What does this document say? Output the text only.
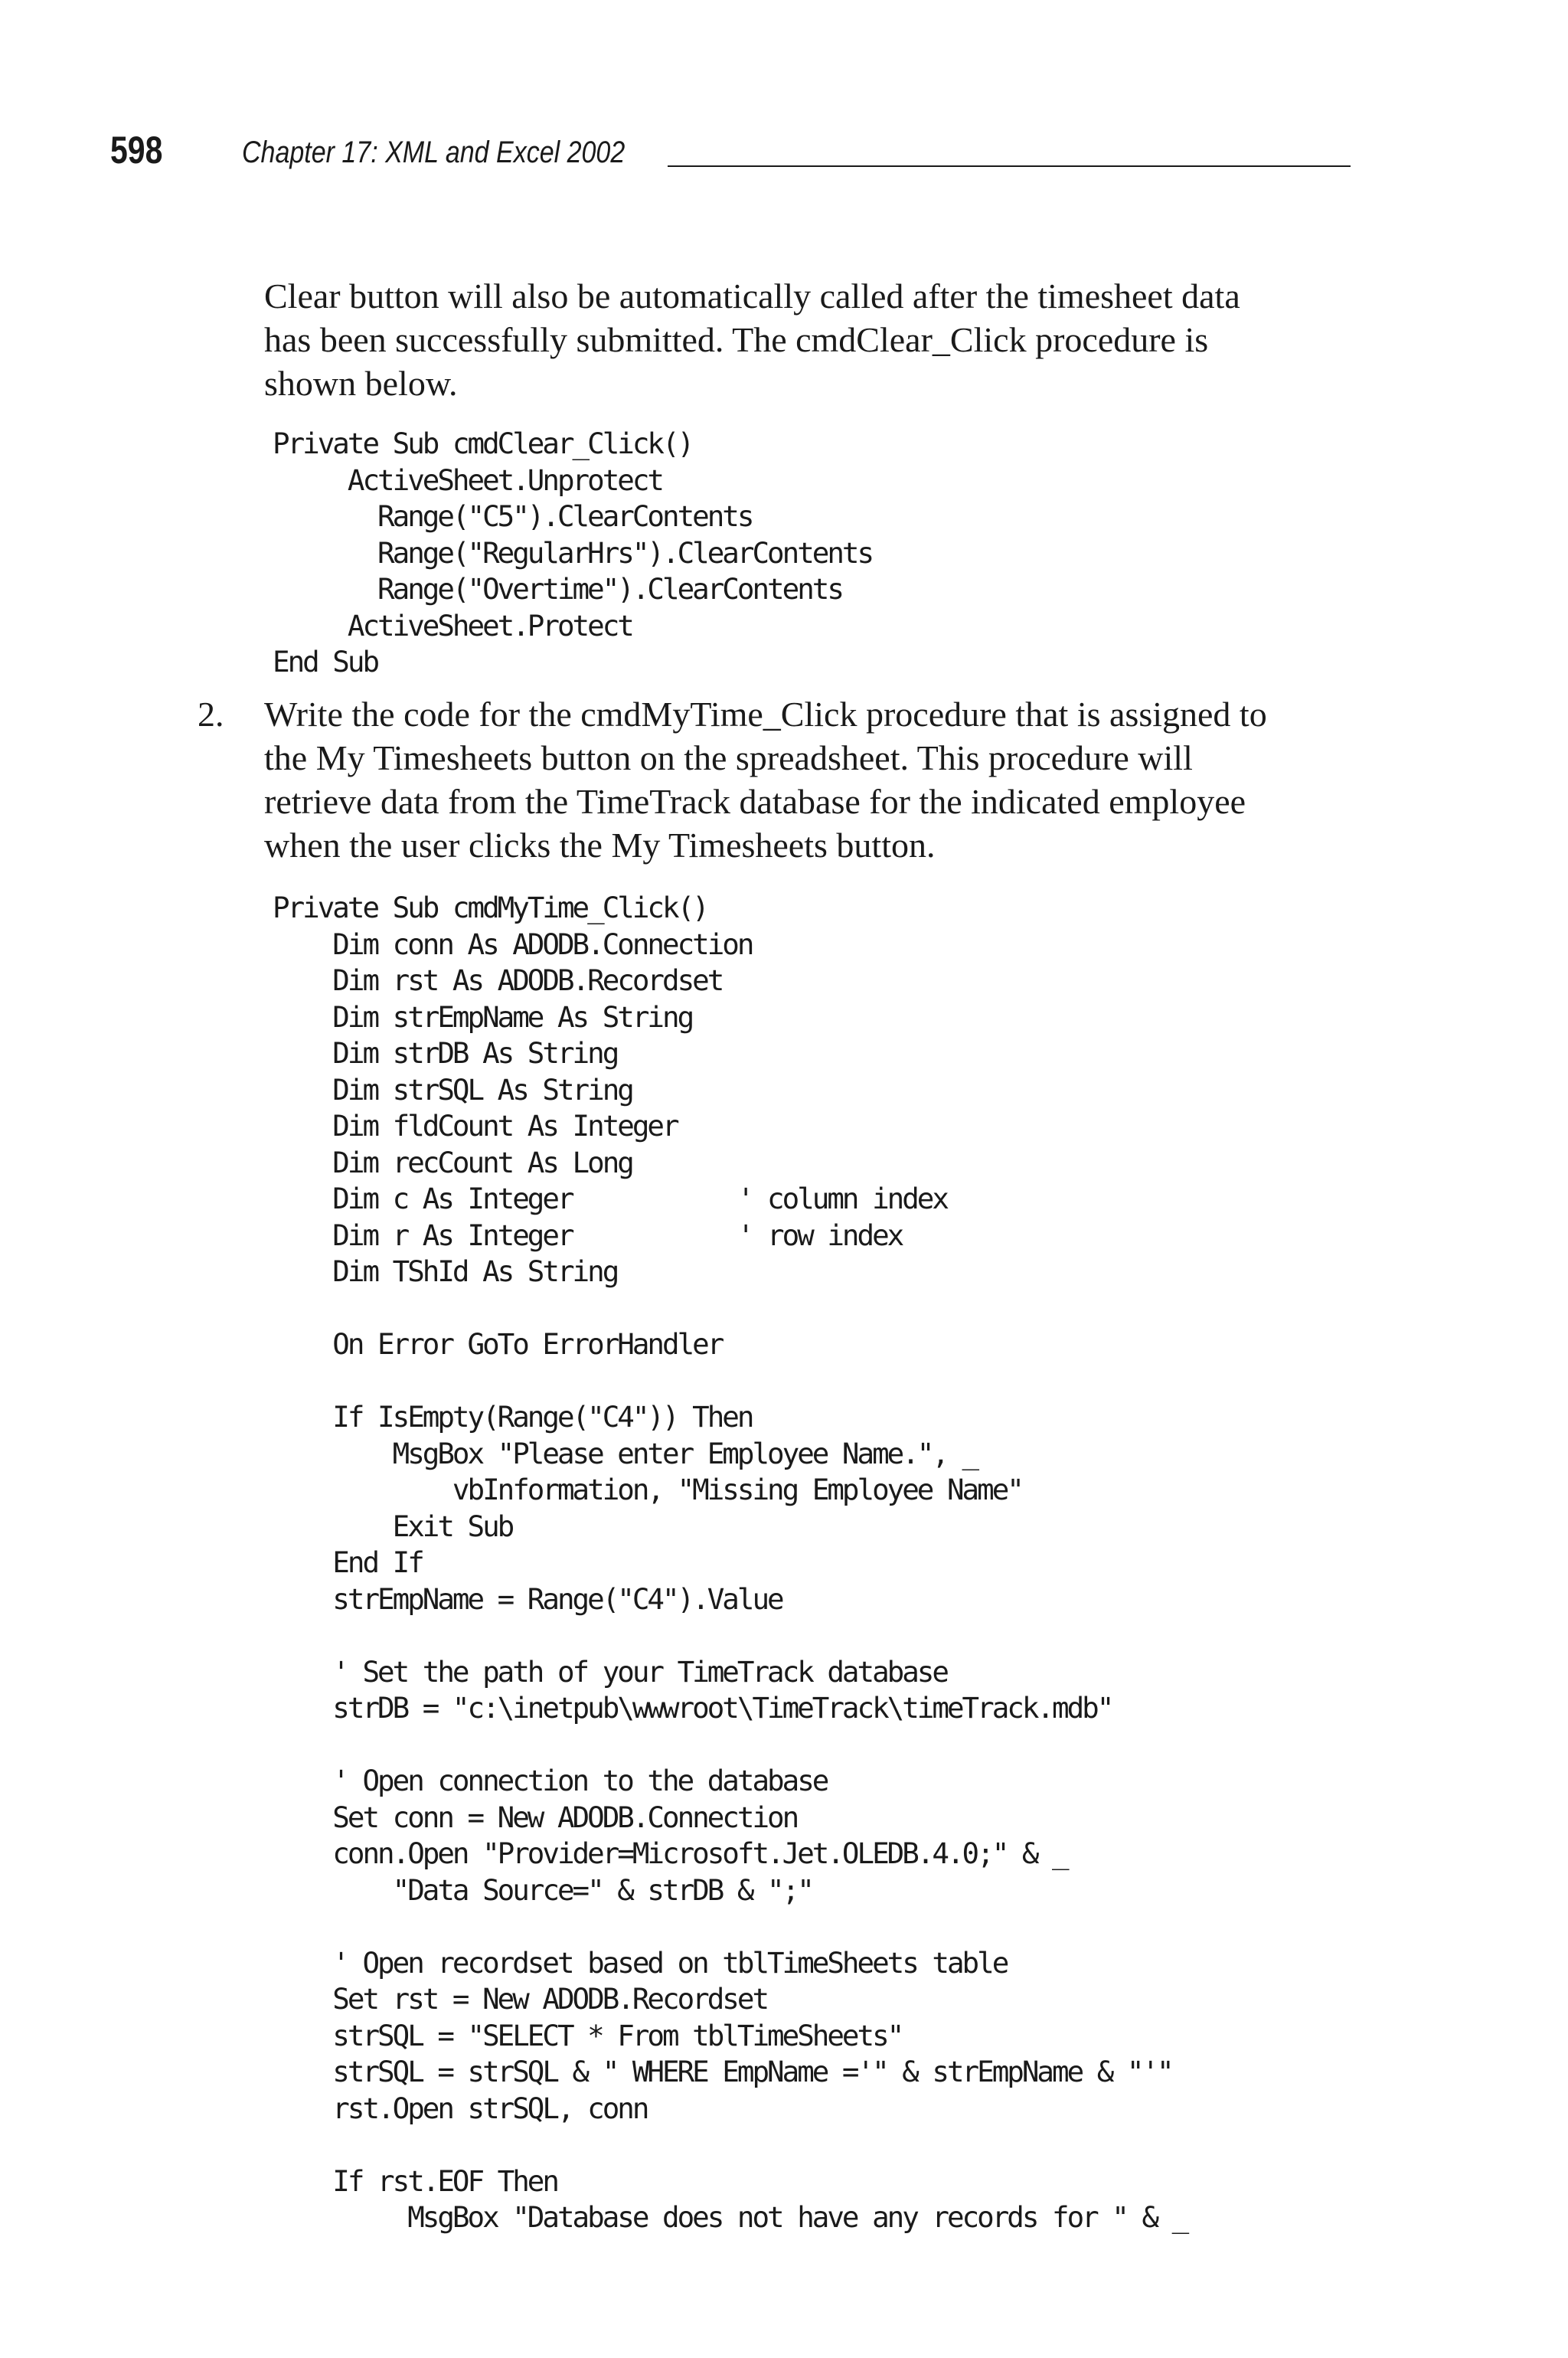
598	Chapter 17: XML and Excel 2002
Clear button will also be automatically called after the timesheet data
has been successfully submitted. The cmdClear_Click procedure is
shown below.
Private Sub cmdClear_Click()
ActiveSheet.Unprotect
Range("C5").ClearContents
Range("RegularHrs").ClearContents
Range("Overtime").ClearContents
ActiveSheet.Protect
End Sub
2. Write the code for the cmdMyTime_Click procedure that is assigned to
the My Timesheets button on the spreadsheet. This procedure will
retrieve data from the TimeTrack database for the indicated employee
when the user clicks the My Timesheets button.
Private Sub cmdMyTime_Click()
Dim conn As ADODB.Connection
Dim rst As ADODB.Recordset
Dim strEmpName As String
Dim strDB As String
Dim strSQL As String
Dim fldCount As Integer
Dim recCount As Long
Dim c As Integer           ' column index
Dim r As Integer           ' row index
Dim TShId As String

On Error GoTo ErrorHandler

If IsEmpty(Range("C4")) Then
MsgBox "Please enter Employee Name.", _
vbInformation, "Missing Employee Name"
Exit Sub
End If
strEmpName = Range("C4").Value

' Set the path of your TimeTrack database
strDB = "c:\inetpub\wwwroot\TimeTrack\timeTrack.mdb"

' Open connection to the database
Set conn = New ADODB.Connection
conn.Open "Provider=Microsoft.Jet.OLEDB.4.0;" & _
"Data Source=" & strDB & ";"

' Open recordset based on tblTimeSheets table
Set rst = New ADODB.Recordset
strSQL = "SELECT * From tblTimeSheets"
strSQL = strSQL & " WHERE EmpName ='" & strEmpName & "'"
rst.Open strSQL, conn

If rst.EOF Then
MsgBox "Database does not have any records for " & _
